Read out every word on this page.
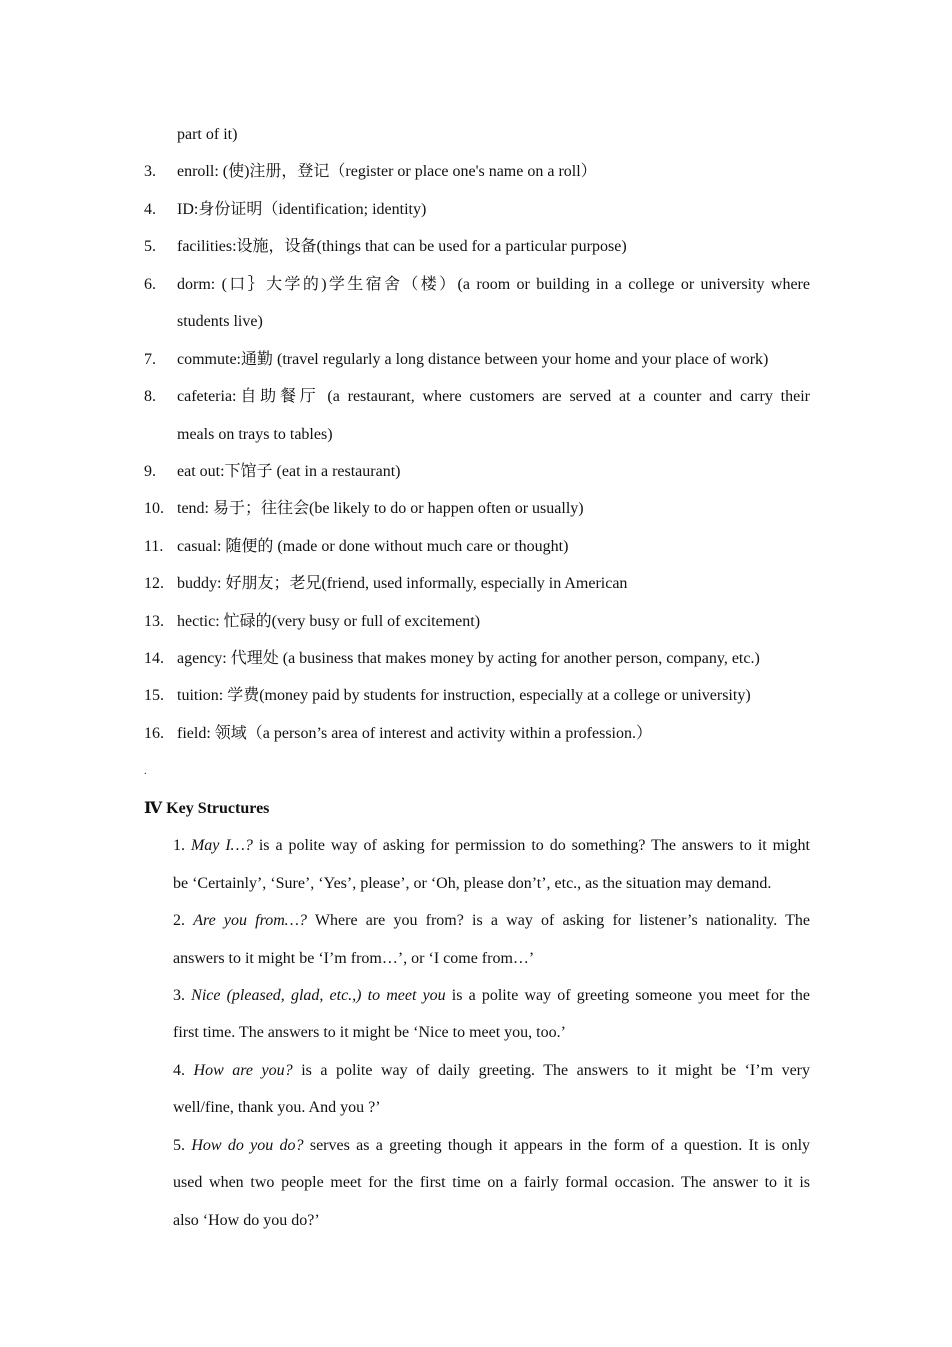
part of it)
3. enroll: (使)注册，登记（register or place one's name on a roll）
4. ID:身份证明（identification; identity)
5. facilities:设施，设备(things that can be used for a particular purpose)
6. dorm: (口｝大学的)学生宿舍（楼）(a room or building in a college or university where
students live)
7. commute:通勤 (travel regularly a long distance between your home and your place of work)
8. cafeteria:自助餐厅 (a restaurant, where customers are served at a counter and carry their
meals on trays to tables)
9. eat out:下馆子 (eat in a restaurant)
10. tend: 易于；往往会(be likely to do or happen often or usually)
11. casual: 随便的 (made or done without much care or thought)
12. buddy: 好朋友；老兄(friend, used informally, especially in American
13. hectic: 忙碌的(very busy or full of excitement)
14. agency: 代理处 (a business that makes money by acting for another person, company, etc.)
15. tuition: 学费(money paid by students for instruction, especially at a college or university)
16. field: 领域（a person’s area of interest and activity within a profession.）
.
Ⅳ Key Structures
1. May I…? is a polite way of asking for permission to do something? The answers to it might
be ‘Certainly’, ‘Sure’, ‘Yes’, please’, or ‘Oh, please don’t’, etc., as the situation may demand.
2. Are you from…? Where are you from? is a way of asking for listener’s nationality. The
answers to it might be ‘I’m from…’, or ‘I come from…’
3. Nice (pleased, glad, etc.,) to meet you is a polite way of greeting someone you meet for the
first time. The answers to it might be ‘Nice to meet you, too.’
4. How are you? is a polite way of daily greeting. The answers to it might be ‘I’m very
well/fine, thank you. And you ?’
5. How do you do? serves as a greeting though it appears in the form of a question. It is only
used when two people meet for the first time on a fairly formal occasion. The answer to it is
also ‘How do you do?’
